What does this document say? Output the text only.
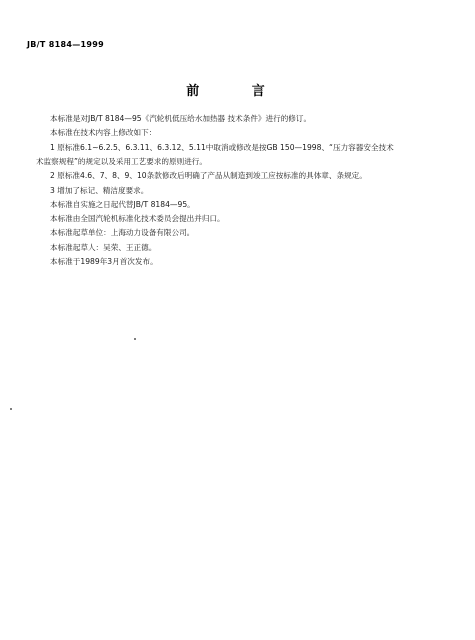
JB/T 8184—1999
前 言
本标准是对JB/T 8184—95《汽轮机低压给水加热器 技术条件》进行的修订。
本标准在技术内容上修改如下：
1 原标准6.1~6.2.5、6.3.11、6.3.12、5.11中取消或修改是按GB 150—1998、“压力容器安全技术
术监察规程”的规定以及采用工艺要求的原则进行。
2 原标准4.6、7、8、9、10条款修改后明确了产品从制造到竣工应按标准的具体章、条规定。
3 增加了标记、精洁度要求。
本标准自实施之日起代替JB/T 8184—95。
本标准由全国汽轮机标准化技术委员会提出并归口。
本标准起草单位：上海动力设备有限公司。
本标准起草人：吴荣、王正德。
本标准于1989年3月首次发布。
